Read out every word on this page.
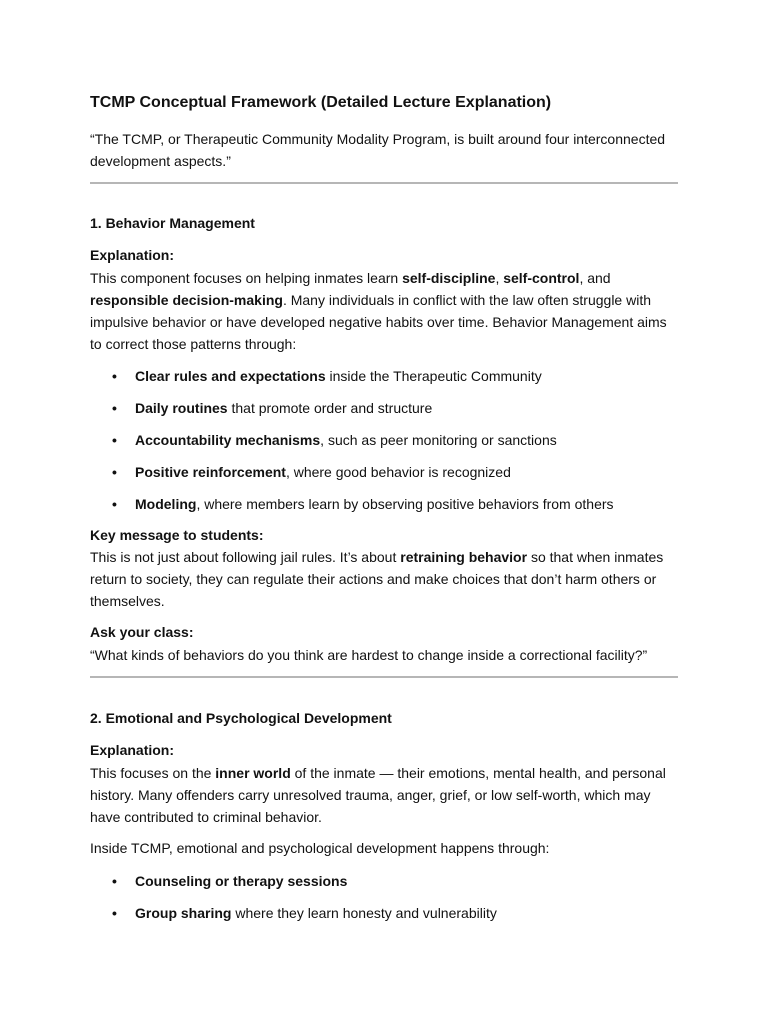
TCMP Conceptual Framework (Detailed Lecture Explanation)
“The TCMP, or Therapeutic Community Modality Program, is built around four interconnected development aspects.”
1. Behavior Management
Explanation:
This component focuses on helping inmates learn self-discipline, self-control, and responsible decision-making. Many individuals in conflict with the law often struggle with impulsive behavior or have developed negative habits over time. Behavior Management aims to correct those patterns through:
• Clear rules and expectations inside the Therapeutic Community
• Daily routines that promote order and structure
• Accountability mechanisms, such as peer monitoring or sanctions
• Positive reinforcement, where good behavior is recognized
• Modeling, where members learn by observing positive behaviors from others
Key message to students:
This is not just about following jail rules. It’s about retraining behavior so that when inmates return to society, they can regulate their actions and make choices that don’t harm others or themselves.
Ask your class:
“What kinds of behaviors do you think are hardest to change inside a correctional facility?”
2. Emotional and Psychological Development
Explanation:
This focuses on the inner world of the inmate — their emotions, mental health, and personal history. Many offenders carry unresolved trauma, anger, grief, or low self-worth, which may have contributed to criminal behavior.
Inside TCMP, emotional and psychological development happens through:
• Counseling or therapy sessions
• Group sharing where they learn honesty and vulnerability
